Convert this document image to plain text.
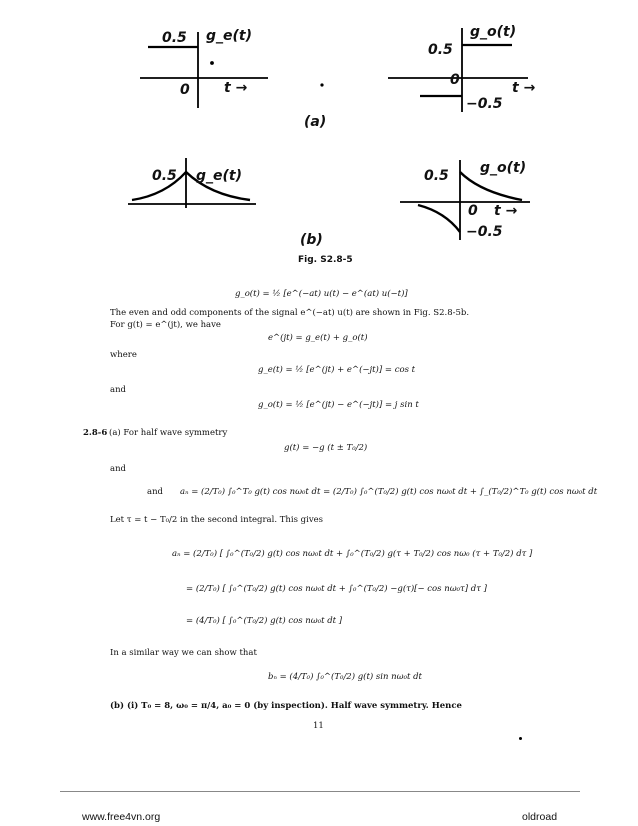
0.5 g_e(t)
0 t →
0.5
g_o(t)
0	t →
−0.5
(a)
0.5 g_e(t)	0.5 g_o(t)
0 t →
−0.5
(b)
Fig. S2.8-5
g_o(t) = ½ [e^(−at) u(t) − e^(at) u(−t)]
The even and odd components of the signal e^(−at) u(t) are shown in Fig. S2.8-5b.
For g(t) = e^(jt), we have
e^(jt) = g_e(t) + g_o(t)
where
g_e(t) = ½ [e^(jt) + e^(−jt)] = cos t
and
g_o(t) = ½ [e^(jt) − e^(−jt)] = j sin t
2.8-6 (a) For half wave symmetry
g(t) = −g (t ± T₀/2)
and
and aₙ = (2/T₀) ∫₀^T₀ g(t) cos nω₀t dt = (2/T₀) ∫₀^(T₀/2) g(t) cos nω₀t dt + ∫_(T₀/2)^T₀ g(t) cos nω₀t dt
Let τ = t − T₀/2 in the second integral. This gives
aₙ = (2/T₀) [ ∫₀^(T₀/2) g(t) cos nω₀t dt + ∫₀^(T₀/2) g(τ + T₀/2) cos nω₀ (τ + T₀/2) dτ ]
= (2/T₀) [ ∫₀^(T₀/2) g(t) cos nω₀t dt + ∫₀^(T₀/2) −g(τ)[− cos nω₀τ] dτ ]
= (4/T₀) [ ∫₀^(T₀/2) g(t) cos nω₀t dt ]
In a similar way we can show that
bₙ = (4/T₀) ∫₀^(T₀/2) g(t) sin nω₀t dt
(b) (i) T₀ = 8, ω₀ = π/4, a₀ = 0 (by inspection). Half wave symmetry. Hence
11
www.free4vn.org	oldroad
